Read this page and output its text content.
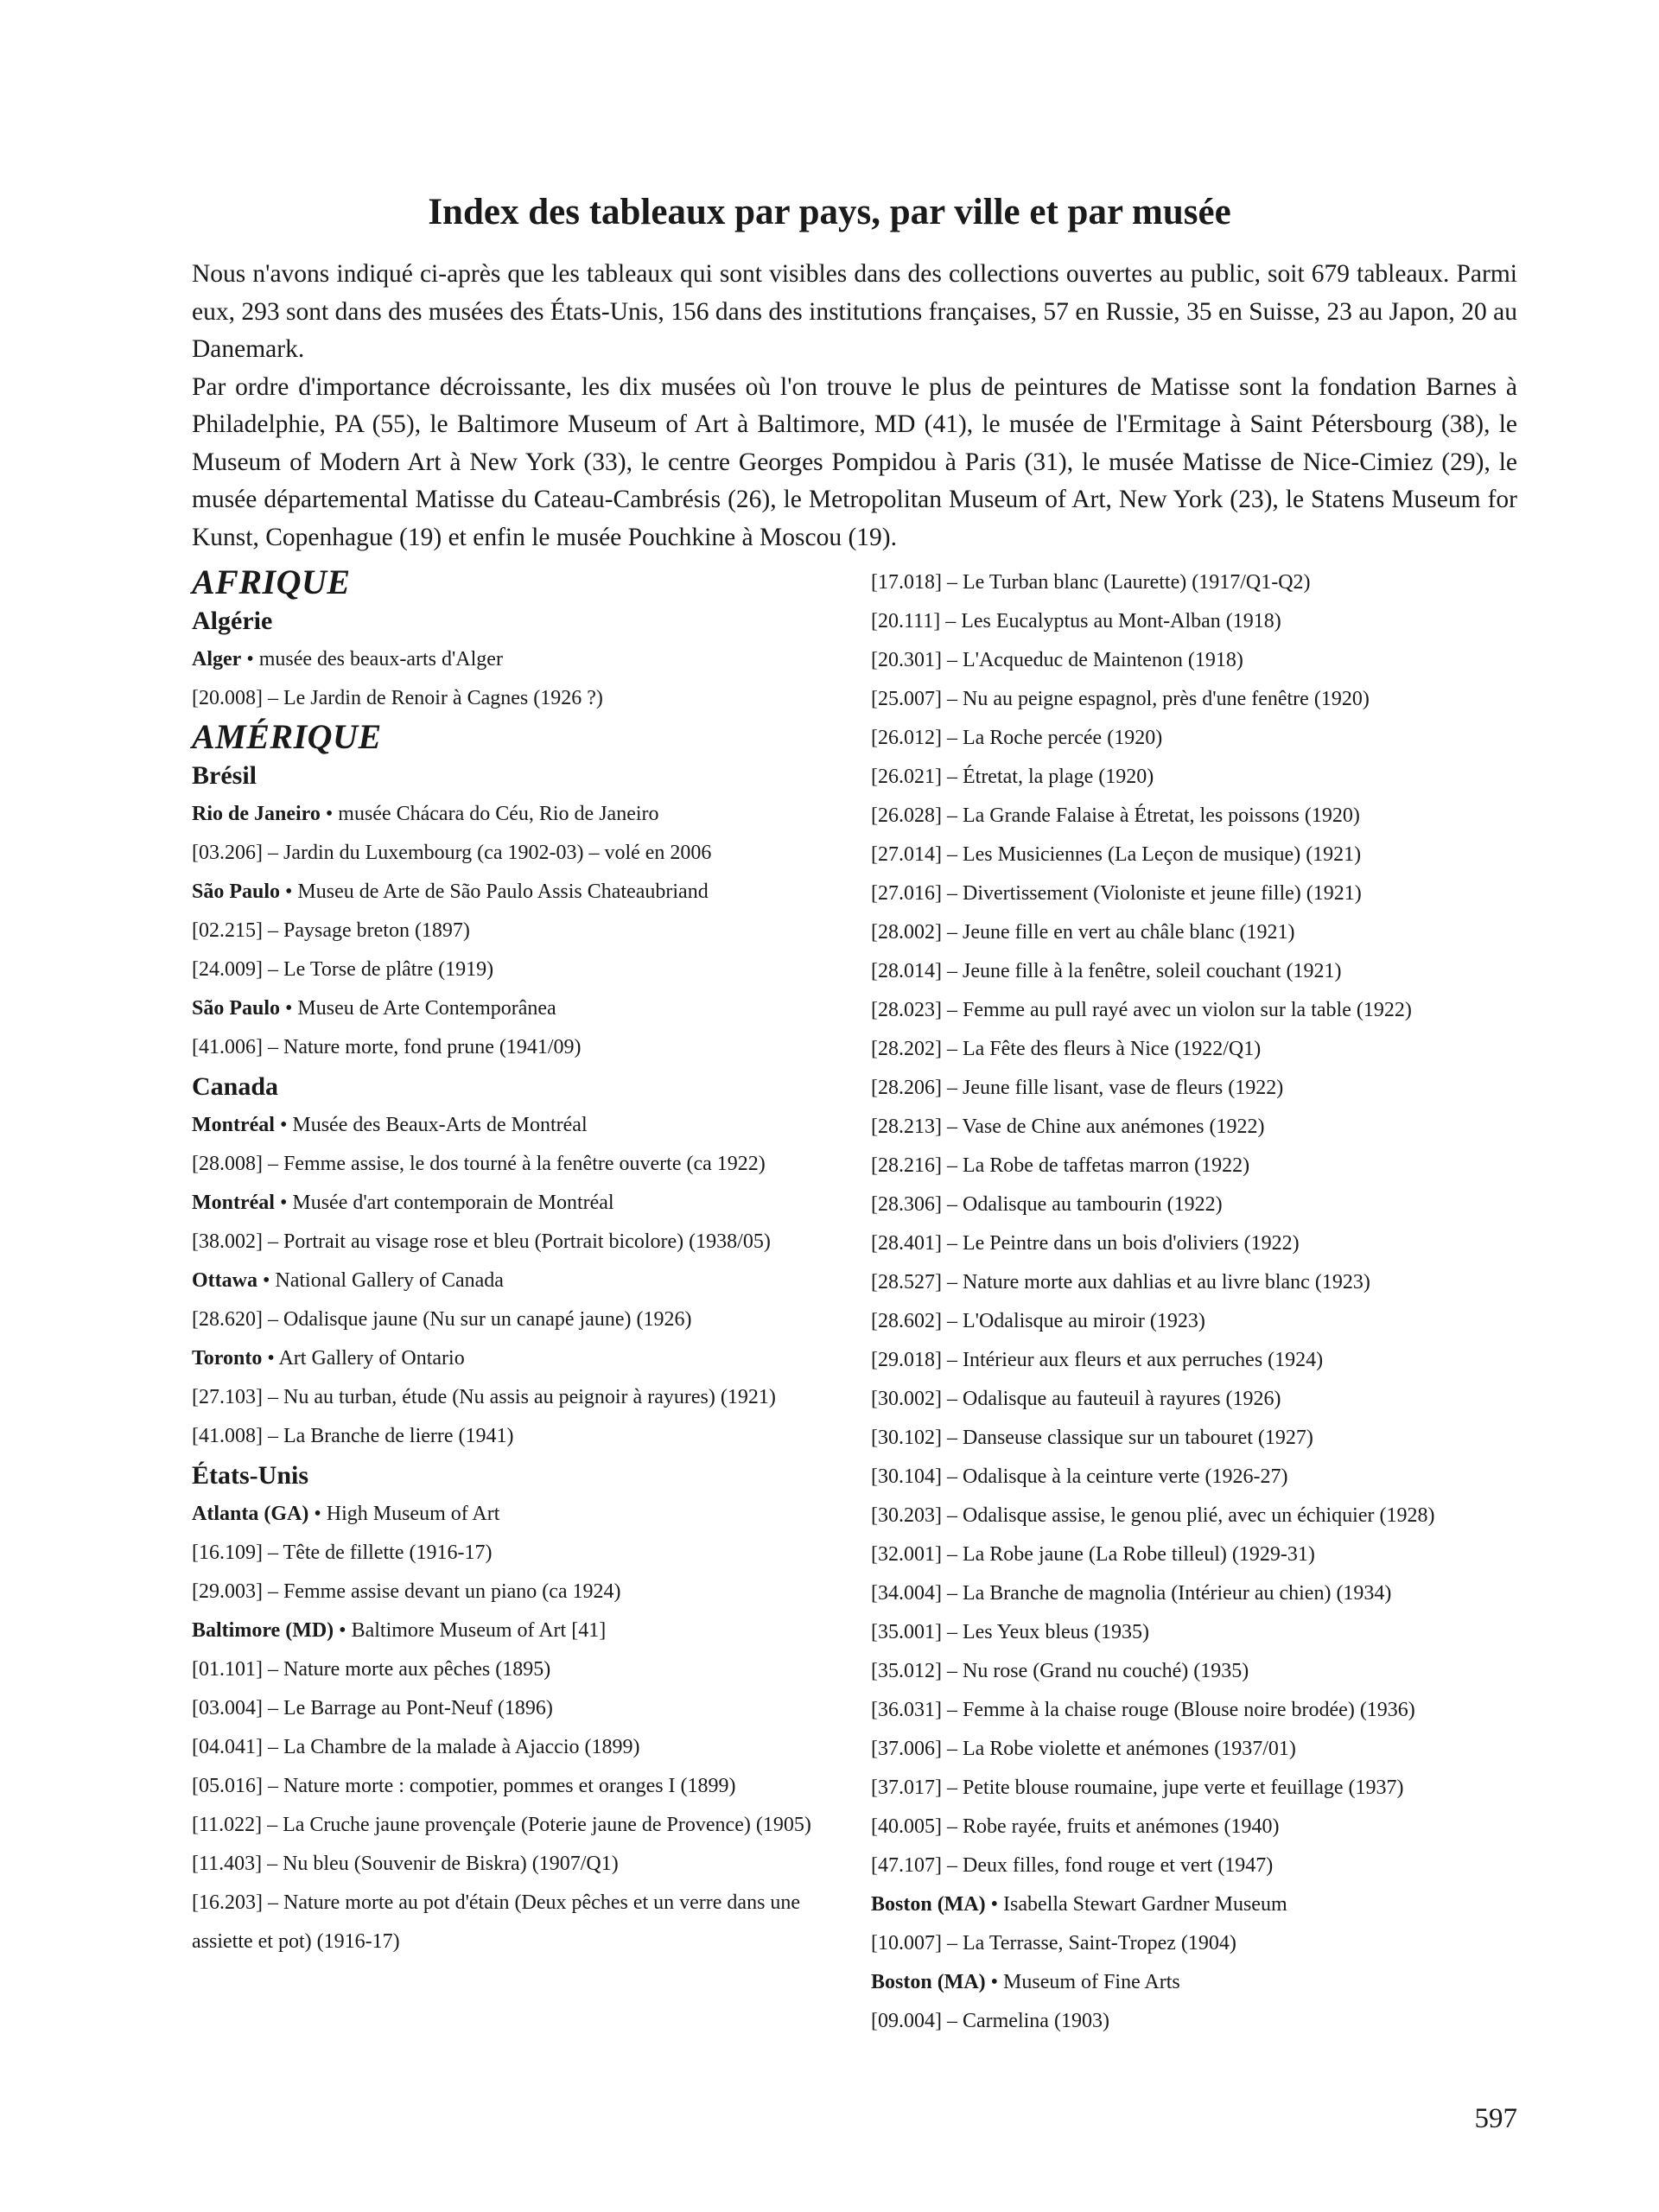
Index des tableaux par pays, par ville et par musée

Nous n'avons indiqué ci-après que les tableaux qui sont visibles dans des collections ouvertes au public, soit 679 tableaux. Parmi eux, 293 sont dans des musées des États-Unis, 156 dans des institutions françaises, 57 en Russie, 35 en Suisse, 23 au Japon, 20 au Danemark.

Par ordre d'importance décroissante, les dix musées où l'on trouve le plus de peintures de Matisse sont la fondation Barnes à Philadelphie, PA (55), le Baltimore Museum of Art à Baltimore, MD (41), le musée de l'Ermitage à Saint Pétersbourg (38), le Museum of Modern Art à New York (33), le centre Georges Pompidou à Paris (31), le musée Matisse de Nice-Cimiez (29), le musée départemental Matisse du Cateau-Cambrésis (26), le Metropolitan Museum of Art, New York (23), le Statens Museum for Kunst, Copenhague (19) et enfin le musée Pouchkine à Moscou (19).

AFRIQUE
Algérie
Alger • musée des beaux-arts d'Alger
[20.008] – Le Jardin de Renoir à Cagnes (1926 ?)
AMÉRIQUE
Brésil
Rio de Janeiro • musée Chácara do Céu, Rio de Janeiro
[03.206] – Jardin du Luxembourg (ca 1902-03) – volé en 2006
São Paulo • Museu de Arte de São Paulo Assis Chateaubriand
[02.215] – Paysage breton (1897)
[24.009] – Le Torse de plâtre (1919)
São Paulo • Museu de Arte Contemporânea
[41.006] – Nature morte, fond prune (1941/09)
Canada
Montréal • Musée des Beaux-Arts de Montréal
[28.008] – Femme assise, le dos tourné à la fenêtre ouverte (ca 1922)
Montréal • Musée d'art contemporain de Montréal
[38.002] – Portrait au visage rose et bleu (Portrait bicolore) (1938/05)
Ottawa • National Gallery of Canada
[28.620] – Odalisque jaune (Nu sur un canapé jaune) (1926)
Toronto • Art Gallery of Ontario
[27.103] – Nu au turban, étude (Nu assis au peignoir à rayures) (1921)
[41.008] – La Branche de lierre (1941)
États-Unis
Atlanta (GA) • High Museum of Art
[16.109] – Tête de fillette (1916-17)
[29.003] – Femme assise devant un piano (ca 1924)
Baltimore (MD) • Baltimore Museum of Art [41]
[01.101] – Nature morte aux pêches (1895)
[03.004] – Le Barrage au Pont-Neuf (1896)
[04.041] – La Chambre de la malade à Ajaccio (1899)
[05.016] – Nature morte : compotier, pommes et oranges I (1899)
[11.022] – La Cruche jaune provençale (Poterie jaune de Provence) (1905)
[11.403] – Nu bleu (Souvenir de Biskra) (1907/Q1)
[16.203] – Nature morte au pot d'étain (Deux pêches et un verre dans une assiette et pot) (1916-17)
[17.018] – Le Turban blanc (Laurette) (1917/Q1-Q2)
[20.111] – Les Eucalyptus au Mont-Alban (1918)
[20.301] – L'Acqueduc de Maintenon (1918)
[25.007] – Nu au peigne espagnol, près d'une fenêtre (1920)
[26.012] – La Roche percée (1920)
[26.021] – Étretat, la plage (1920)
[26.028] – La Grande Falaise à Étretat, les poissons (1920)
[27.014] – Les Musiciennes (La Leçon de musique) (1921)
[27.016] – Divertissement (Violoniste et jeune fille) (1921)
[28.002] – Jeune fille en vert au châle blanc (1921)
[28.014] – Jeune fille à la fenêtre, soleil couchant (1921)
[28.023] – Femme au pull rayé avec un violon sur la table (1922)
[28.202] – La Fête des fleurs à Nice (1922/Q1)
[28.206] – Jeune fille lisant, vase de fleurs (1922)
[28.213] – Vase de Chine aux anémones (1922)
[28.216] – La Robe de taffetas marron (1922)
[28.306] – Odalisque au tambourin (1922)
[28.401] – Le Peintre dans un bois d'oliviers (1922)
[28.527] – Nature morte aux dahlias et au livre blanc (1923)
[28.602] – L'Odalisque au miroir (1923)
[29.018] – Intérieur aux fleurs et aux perruches (1924)
[30.002] – Odalisque au fauteuil à rayures (1926)
[30.102] – Danseuse classique sur un tabouret (1927)
[30.104] – Odalisque à la ceinture verte (1926-27)
[30.203] – Odalisque assise, le genou plié, avec un échiquier (1928)
[32.001] – La Robe jaune (La Robe tilleul) (1929-31)
[34.004] – La Branche de magnolia (Intérieur au chien) (1934)
[35.001] – Les Yeux bleus (1935)
[35.012] – Nu rose (Grand nu couché) (1935)
[36.031] – Femme à la chaise rouge (Blouse noire brodée) (1936)
[37.006] – La Robe violette et anémones (1937/01)
[37.017] – Petite blouse roumaine, jupe verte et feuillage (1937)
[40.005] – Robe rayée, fruits et anémones (1940)
[47.107] – Deux filles, fond rouge et vert (1947)
Boston (MA) • Isabella Stewart Gardner Museum
[10.007] – La Terrasse, Saint-Tropez (1904)
Boston (MA) • Museum of Fine Arts
[09.004] – Carmelina (1903)
597
